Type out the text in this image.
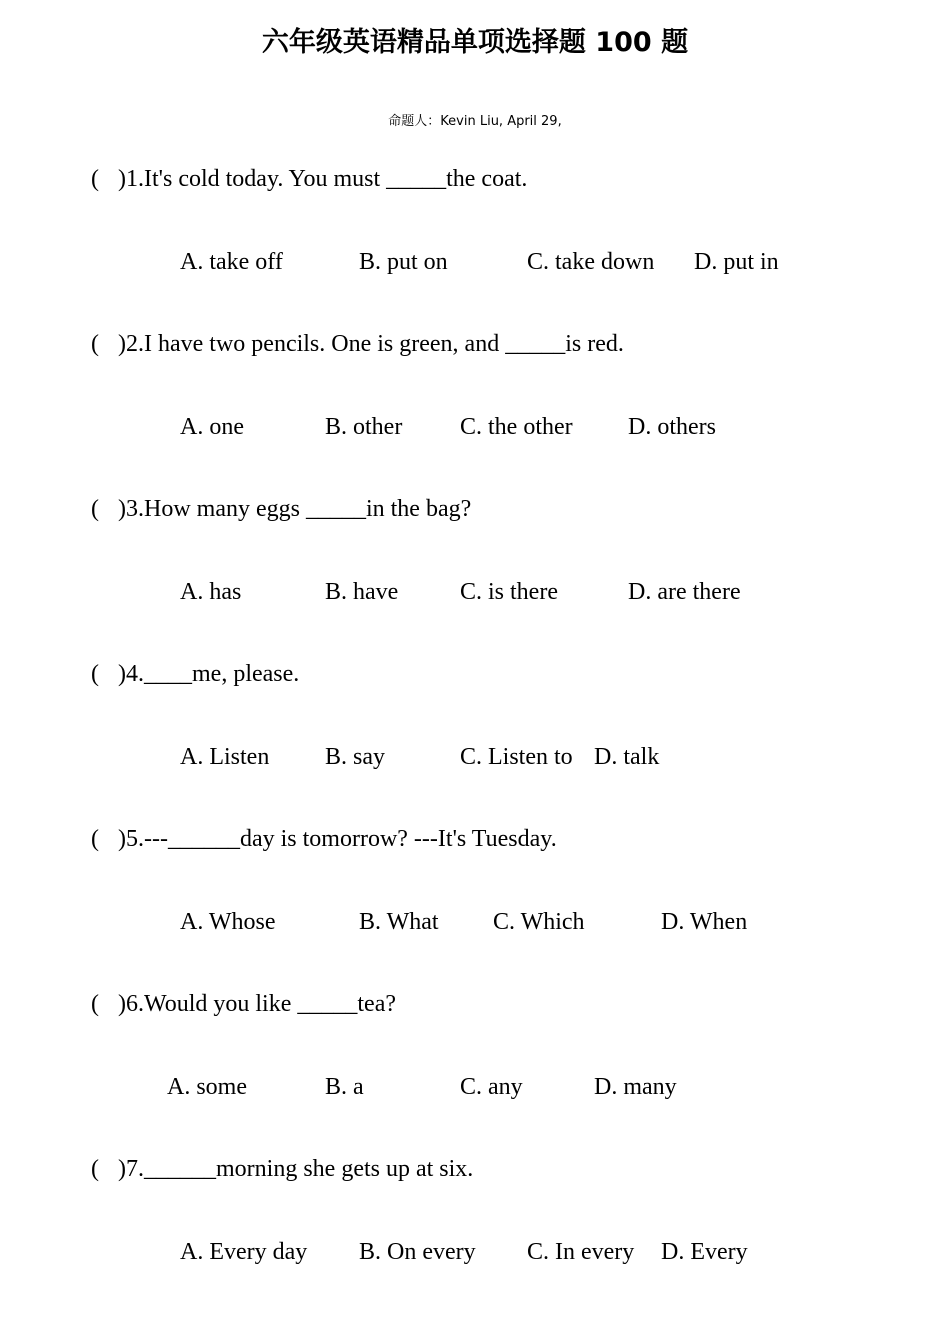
六年级英语精品单项选择题 100 题
命题人：Kevin Liu, April 29,
( )1.It's cold today. You must _____the coat.
A. take off	B. put on	C. take down D. put in
( )2.I have two pencils. One is green, and _____is red.
A. one	B. other C. the other D. others
( )3.How many eggs _____in the bag?
A. has	B. have	C. is there	D. are there
( )4.____me, please.
A. Listen B. say	C. Listen to D. talk
( )5.---______day is tomorrow? ---It's Tuesday.
A. Whose	B. What C. Which	D. When
( )6.Would you like _____tea?
A. some	B. a	C. any	D. many
( )7.______morning she gets up at six.
A. Every day B. On every C. In every D. Every
